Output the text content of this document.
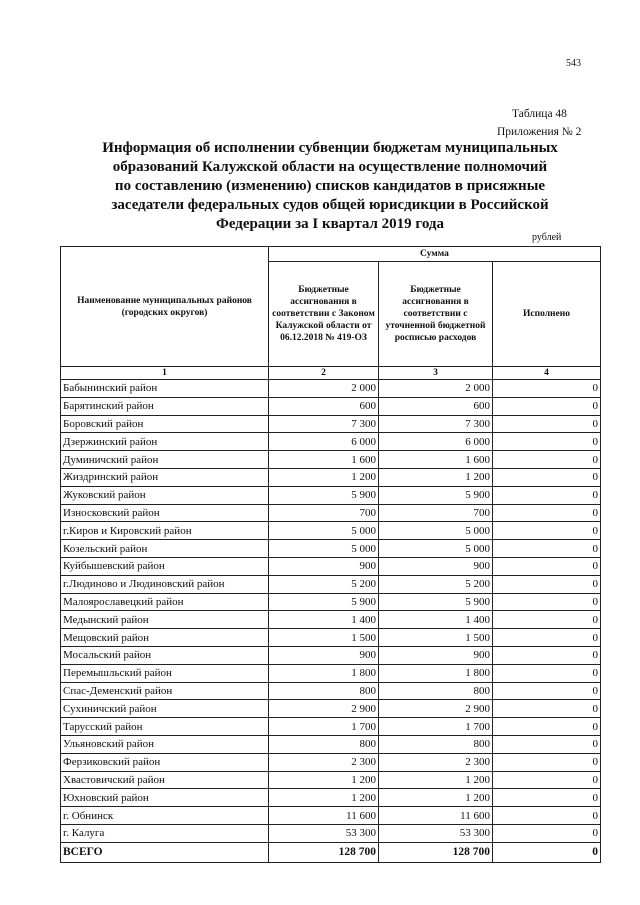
543
Таблица 48
Приложения № 2
Информация об исполнении субвенции бюджетам муниципальных
образований Калужской области на осуществление полномочий
по составлению (изменению) списков кандидатов в присяжные
заседатели федеральных судов общей юрисдикции в Российской
Федерации за I квартал 2019 года
рублей
Наименование муниципальных районов (городских округов)	Сумма		
	Бюджетные ассигнования в соответствии с Законом Калужской области от 06.12.2018 № 419-ОЗ	Бюджетные ассигнования в соответствии с уточненной бюджетной росписью расходов	Исполнено
1	2	3	4
Бабынинский район	2 000	2 000	0
Барятинский район	600	600	0
Боровский район	7 300	7 300	0
Дзержинский район	6 000	6 000	0
Думиничский район	1 600	1 600	0
Жиздринский район	1 200	1 200	0
Жуковский район	5 900	5 900	0
Износковский район	700	700	0
г.Киров и Кировский район	5 000	5 000	0
Козельский район	5 000	5 000	0
Куйбышевский район	900	900	0
г.Людиново и Людиновский район	5 200	5 200	0
Малоярославецкий район	5 900	5 900	0
Медынский район	1 400	1 400	0
Мещовский район	1 500	1 500	0
Мосальский район	900	900	0
Перемышльский район	1 800	1 800	0
Спас-Деменский район	800	800	0
Сухиничский район	2 900	2 900	0
Тарусский район	1 700	1 700	0
Ульяновский район	800	800	0
Ферзиковский район	2 300	2 300	0
Хвастовичский район	1 200	1 200	0
Юхновский район	1 200	1 200	0
г. Обнинск	11 600	11 600	0
г. Калуга	53 300	53 300	0
ВСЕГО	128 700	128 700	0
